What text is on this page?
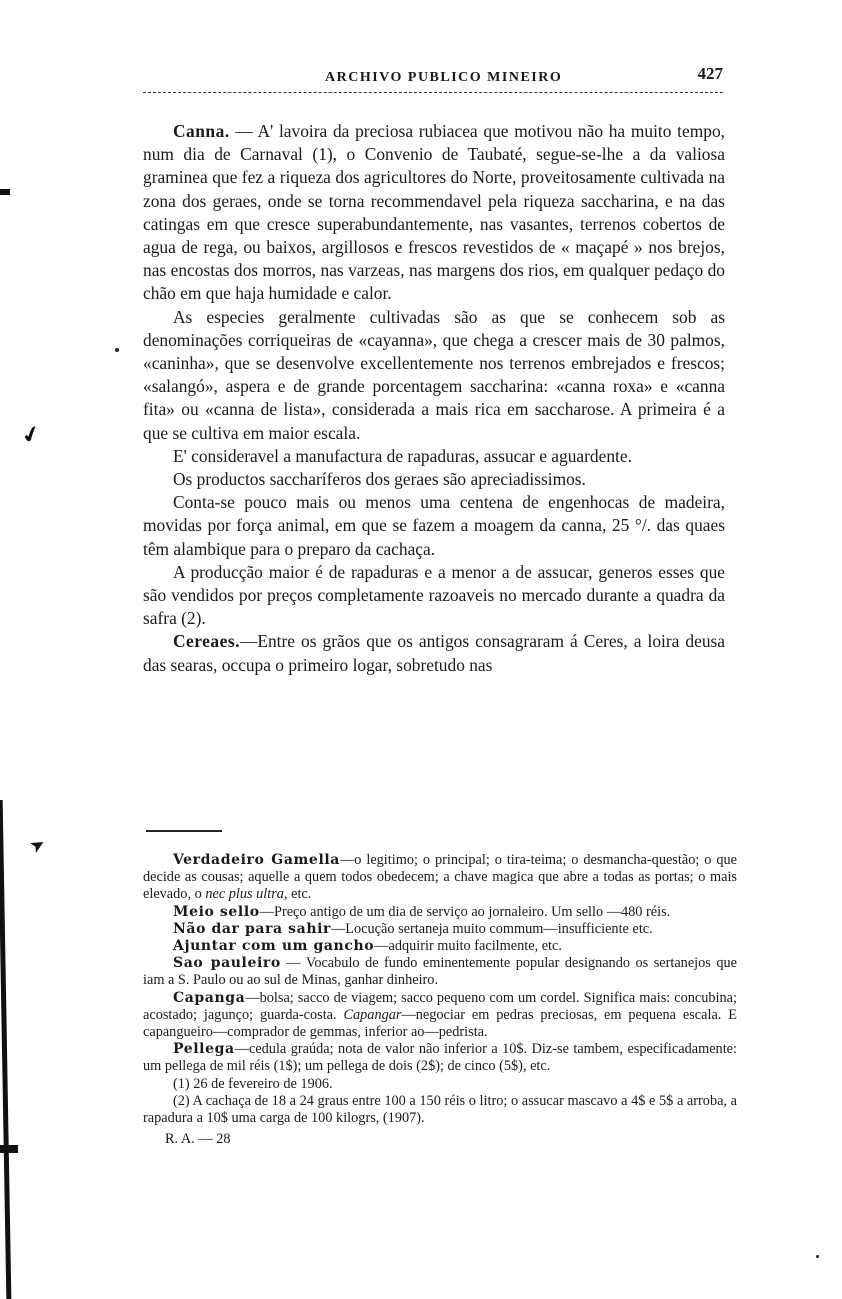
ARCHIVO PUBLICO MINEIRO	427

Canna. — A' lavoira da preciosa rubiacea que motivou não ha muito tempo, num dia de Carnaval (1), o Convenio de Taubaté, segue-se-lhe a da valiosa graminea que fez a riqueza dos agricultores do Norte, proveitosamente cultivada na zona dos geraes, onde se torna recommendavel pela riqueza saccharina, e na das catingas em que cresce superabundantemente, nas vasantes, terrenos cobertos de agua de rega, ou baixos, argillosos e frescos revestidos de « maçapé » nos brejos, nas encostas dos morros, nas varzeas, nas margens dos rios, em qualquer pedaço do chão em que haja humidade e calor.

As especies geralmente cultivadas são as que se conhecem sob as denominações corriqueiras de «cayanna», que chega a crescer mais de 30 palmos, «caninha», que se desenvolve excellentemente nos terrenos embrejados e frescos; «salangó», aspera e de grande porcentagem saccharina: «canna roxa» e «canna fita» ou «canna de lista», considerada a mais rica em saccharose. A primeira é a que se cultiva em maior escala.

E' consideravel a manufactura de rapaduras, assucar e aguardente.

Os productos saccharíferos dos geraes são apreciadissimos.

Conta-se pouco mais ou menos uma centena de engenhocas de madeira, movidas por força animal, em que se fazem a moagem da canna, 25 °/. das quaes têm alambique para o preparo da cachaça.

A producção maior é de rapaduras e a menor a de assucar, generos esses que são vendidos por preços completamente razoaveis no mercado durante a quadra da safra (2).

Cereaes.—Entre os grãos que os antigos consagraram á Ceres, a loira deusa das searas, occupa o primeiro logar, sobretudo nas

Verdadeiro Gamella—o legitimo; o principal; o tira-teima; o desmancha-questão; o que decide as cousas; aquelle a quem todos obedecem; a chave magica que abre a todas as portas; o mais elevado, o nec plus ultra, etc.

Meio sello—Preço antigo de um dia de serviço ao jornaleiro. Um sello —480 réis.

Não dar para sahir—Locução sertaneja muito commum—insufficiente etc.

Ajuntar com um gancho—adquirir muito facilmente, etc.

Sao pauleiro — Vocabulo de fundo eminentemente popular designando os sertanejos que iam a S. Paulo ou ao sul de Minas, ganhar dinheiro.

Capanga—bolsa; sacco de viagem; sacco pequeno com um cordel. Significa mais: concubina; acostado; jagunço; guarda-costa. Capangar—negociar em pedras preciosas, em pequena escala. E capangueiro—comprador de gemmas, inferior ao—pedrista.

Pellega—cedula graúda; nota de valor não inferior a 10$. Diz-se tambem, especificadamente: um pellega de mil réis (1$); um pellega de dois (2$); de cinco (5$), etc.

(1) 26 de fevereiro de 1906.

(2) A cachaça de 18 a 24 graus entre 100 a 150 réis o litro; o assucar mascavo a 4$ e 5$ a arroba, a rapadura a 10$ uma carga de 100 kilogrs, (1907).

R. A. — 28

✔
➤
